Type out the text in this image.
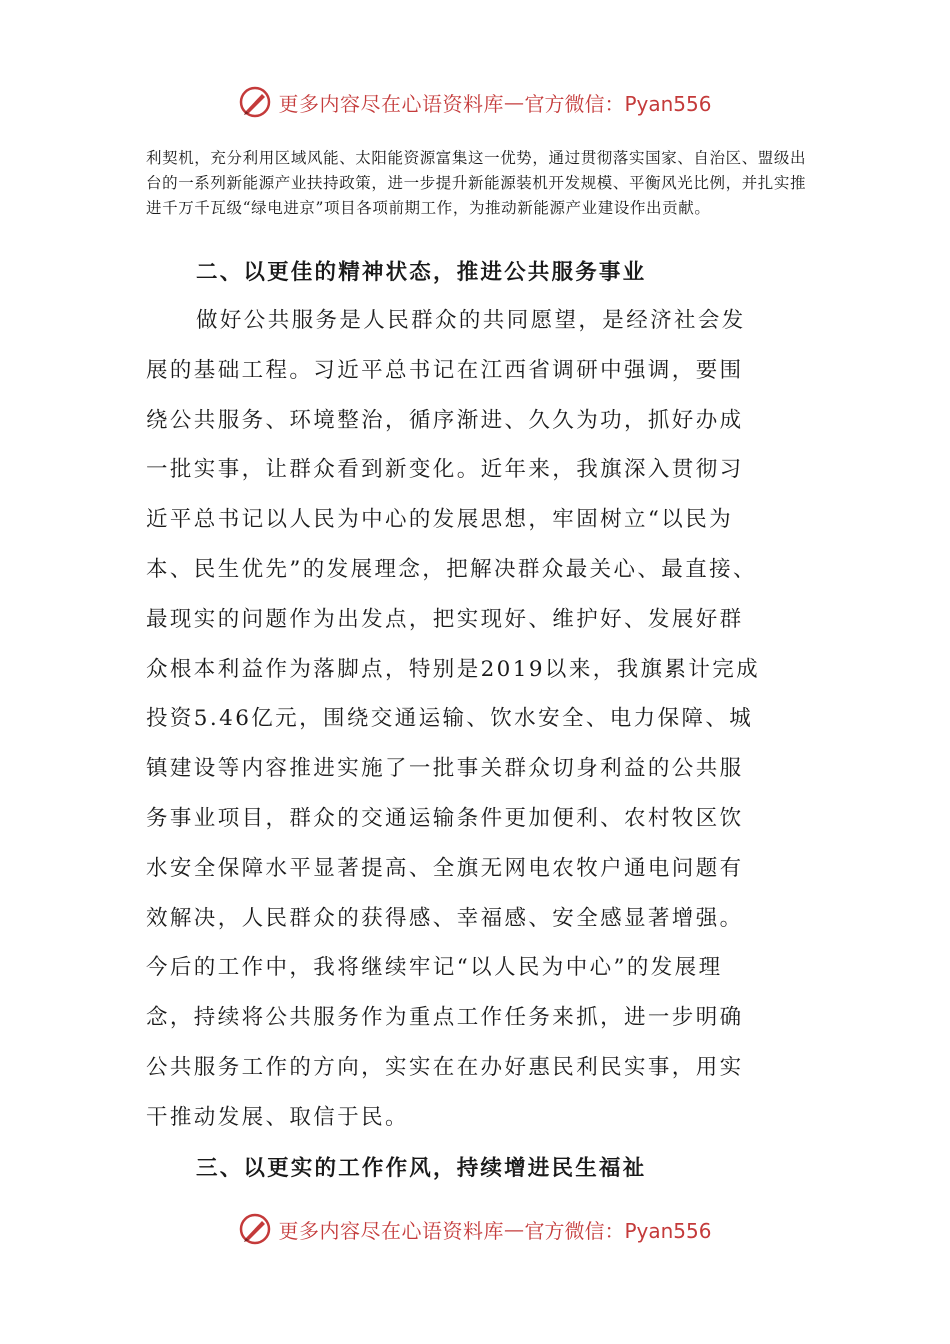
更多内容尽在心语资料库 — 官方微信：Pyan556

利契机，充分利用区域风能、太阳能资源富集这一优势，通过贯彻落实国家、自治区、盟级出台的一系列新能源产业扶持政策，进一步提升新能源装机开发规模、平衡风光比例，并扎实推进千万千瓦级“绿电进京”项目各项前期工作，为推动新能源产业建设作出贡献。

二、以更佳的精神状态，推进公共服务事业
做好公共服务是人民群众的共同愿望，是经济社会发
展的基础工程。习近平总书记在江西省调研中强调，要围
绕公共服务、环境整治，循序渐进、久久为功，抓好办成
一批实事，让群众看到新变化。近年来，我旗深入贯彻习
近平总书记以人民为中心的发展思想，牢固树立“以民为
本、民生优先”的发展理念，把解决群众最关心、最直接、
最现实的问题作为出发点，把实现好、维护好、发展好群
众根本利益作为落脚点，特别是2019以来，我旗累计完成
投资5.46亿元，围绕交通运输、饮水安全、电力保障、城
镇建设等内容推进实施了一批事关群众切身利益的公共服
务事业项目，群众的交通运输条件更加便利、农村牧区饮
水安全保障水平显著提高、全旗无网电农牧户通电问题有
效解决，人民群众的获得感、幸福感、安全感显著增强。
今后的工作中，我将继续牢记“以人民为中心”的发展理
念，持续将公共服务作为重点工作任务来抓，进一步明确
公共服务工作的方向，实实在在办好惠民利民实事，用实
干推动发展、取信于民。
三、以更实的工作作风，持续增进民生福祉
更多内容尽在心语资料库 — 官方微信：Pyan556
